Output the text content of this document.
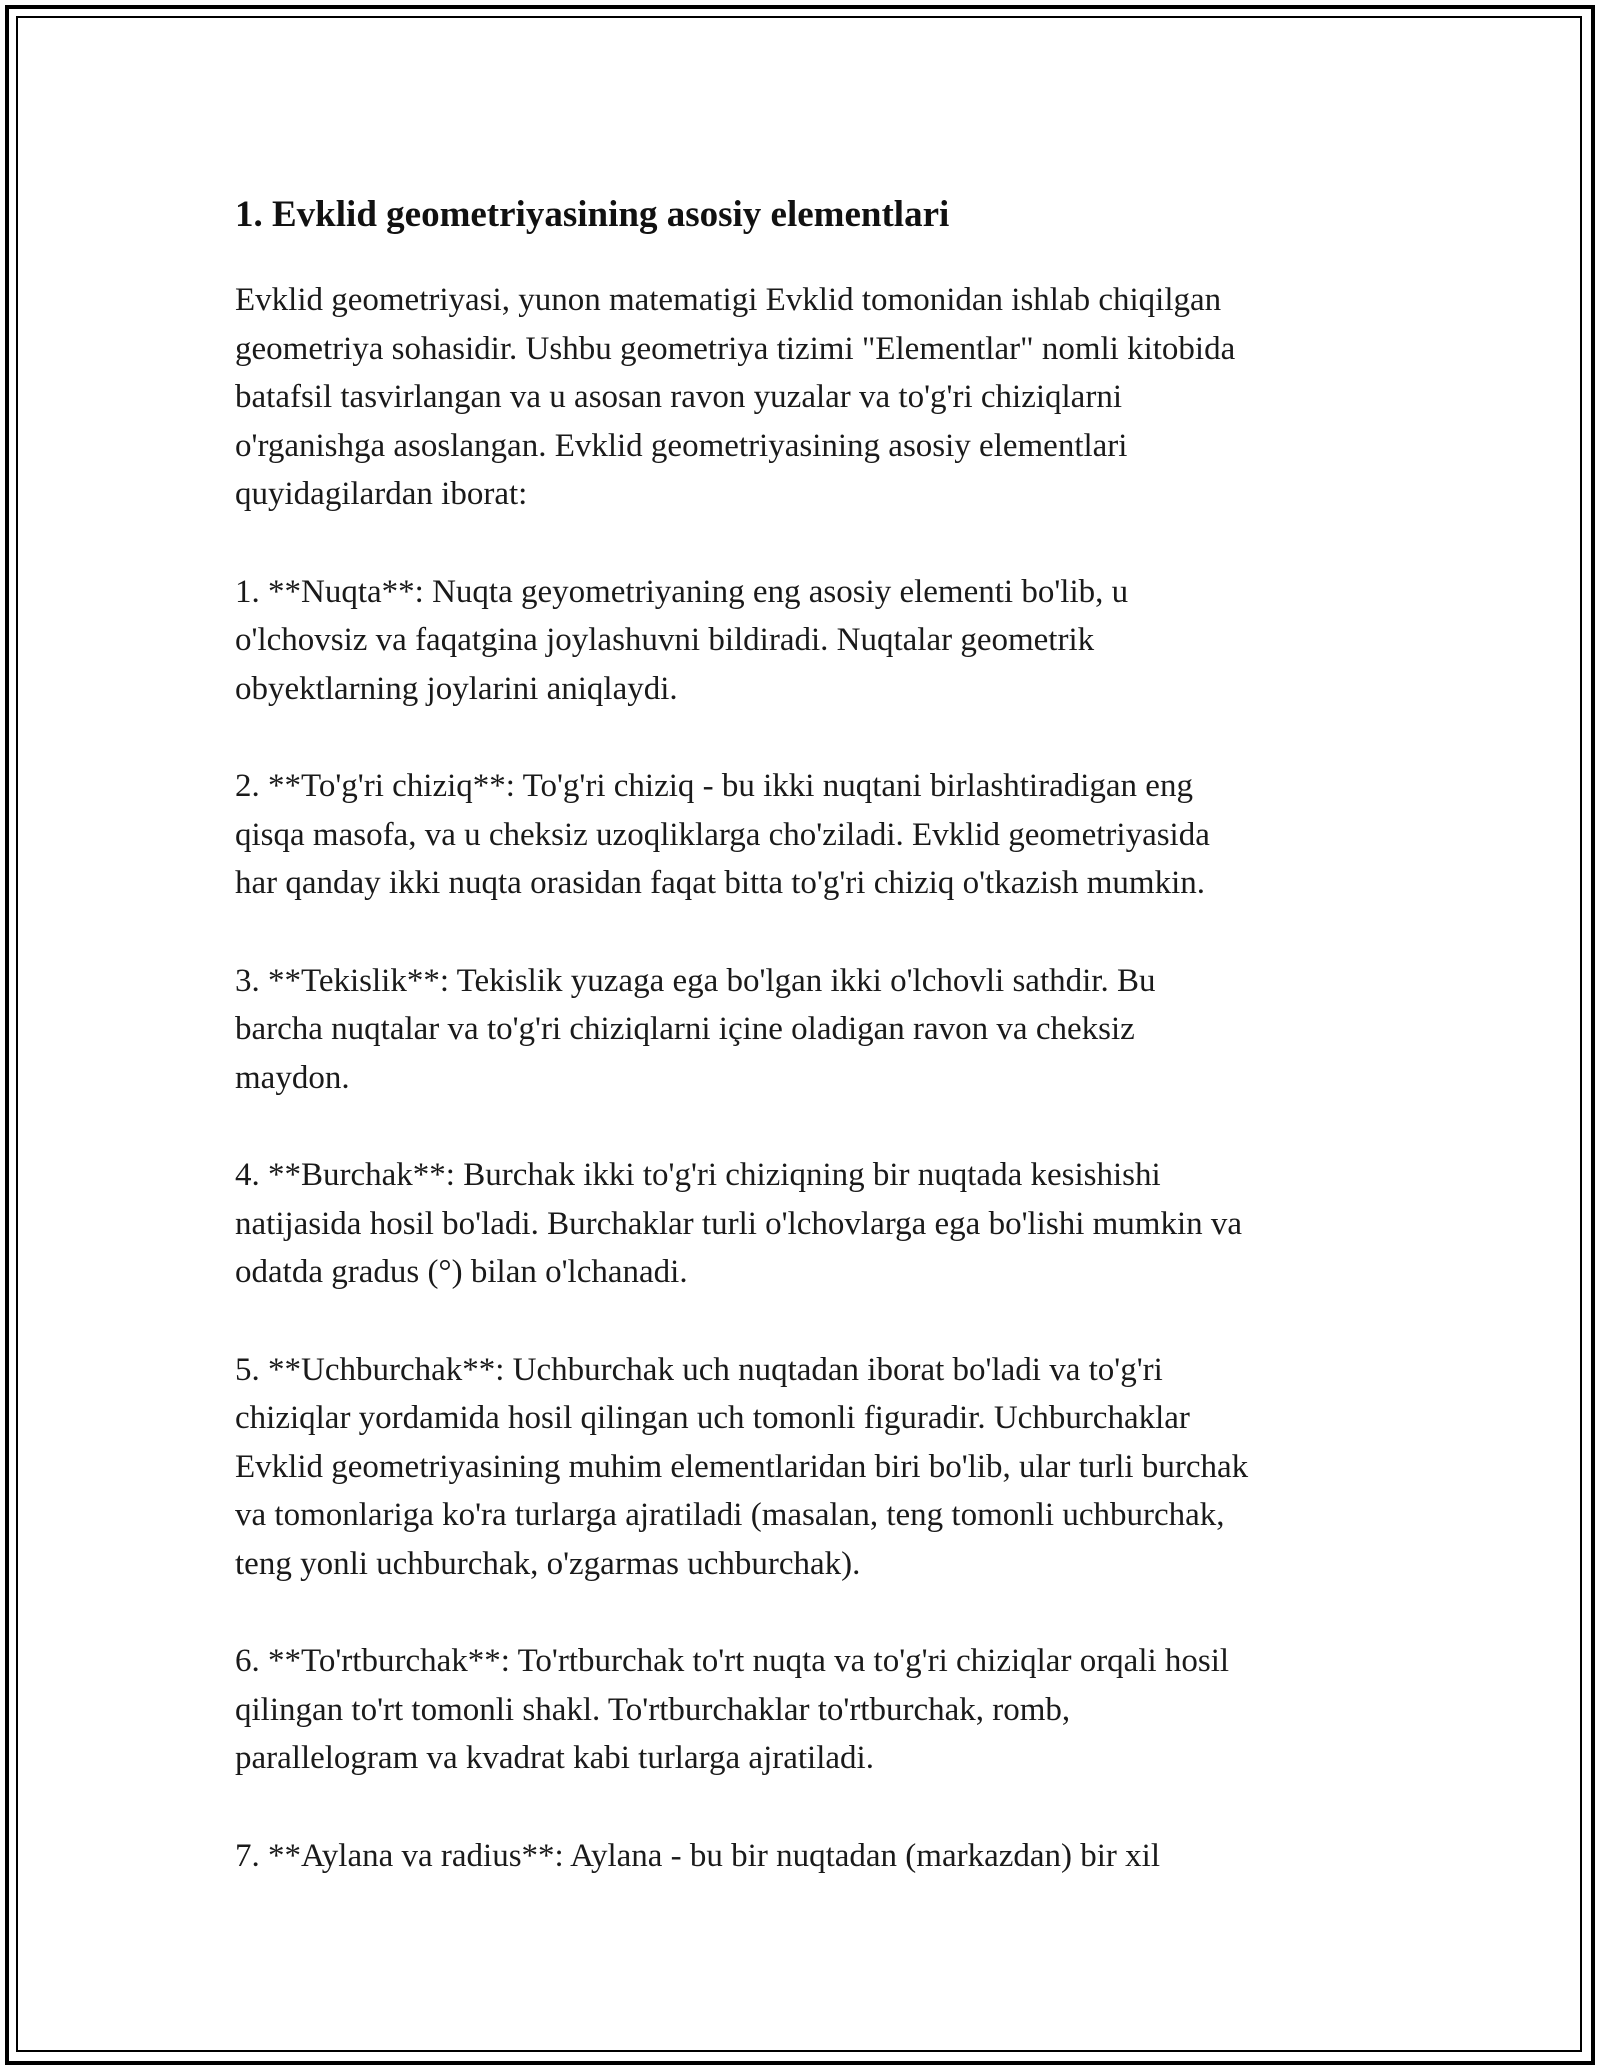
1. Evklid geometriyasining asosiy elementlari

Evklid geometriyasi, yunon matematigi Evklid tomonidan ishlab chiqilgan
geometriya sohasidir. Ushbu geometriya tizimi "Elementlar" nomli kitobida
batafsil tasvirlangan va u asosan ravon yuzalar va to'g'ri chiziqlarni
o'rganishga asoslangan. Evklid geometriyasining asosiy elementlari
quyidagilardan iborat:

1. **Nuqta**: Nuqta geyometriyaning eng asosiy elementi bo'lib, u
o'lchovsiz va faqatgina joylashuvni bildiradi. Nuqtalar geometrik
obyektlarning joylarini aniqlaydi.

2. **To'g'ri chiziq**: To'g'ri chiziq - bu ikki nuqtani birlashtiradigan eng
qisqa masofa, va u cheksiz uzoqliklarga cho'ziladi. Evklid geometriyasida
har qanday ikki nuqta orasidan faqat bitta to'g'ri chiziq o'tkazish mumkin.

3. **Tekislik**: Tekislik yuzaga ega bo'lgan ikki o'lchovli sathdir. Bu
barcha nuqtalar va to'g'ri chiziqlarni içine oladigan ravon va cheksiz
maydon.

4. **Burchak**: Burchak ikki to'g'ri chiziqning bir nuqtada kesishishi
natijasida hosil bo'ladi. Burchaklar turli o'lchovlarga ega bo'lishi mumkin va
odatda gradus (°) bilan o'lchanadi.

5. **Uchburchak**: Uchburchak uch nuqtadan iborat bo'ladi va to'g'ri
chiziqlar yordamida hosil qilingan uch tomonli figuradir. Uchburchaklar
Evklid geometriyasining muhim elementlaridan biri bo'lib, ular turli burchak
va tomonlariga ko'ra turlarga ajratiladi (masalan, teng tomonli uchburchak,
teng yonli uchburchak, o'zgarmas uchburchak).

6. **To'rtburchak**: To'rtburchak to'rt nuqta va to'g'ri chiziqlar orqali hosil
qilingan to'rt tomonli shakl. To'rtburchaklar to'rtburchak, romb,
parallelogram va kvadrat kabi turlarga ajratiladi.

7. **Aylana va radius**: Aylana - bu bir nuqtadan (markazdan) bir xil
